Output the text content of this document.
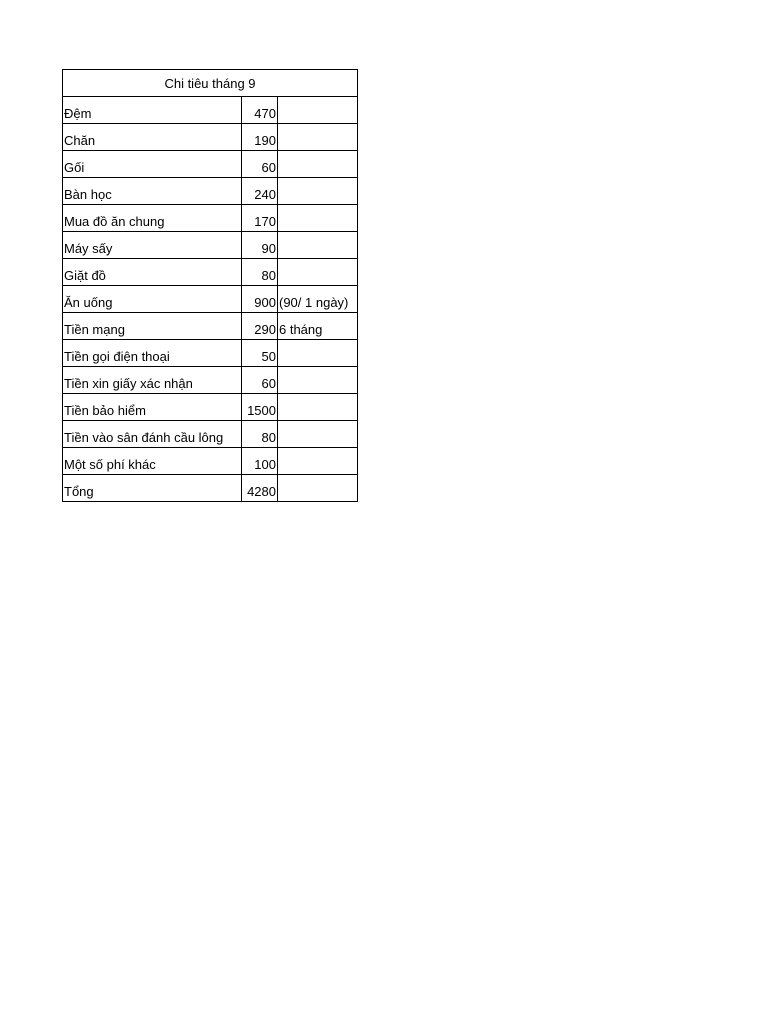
Chi tiêu tháng 9		
Đệm	470	
Chăn	190	
Gối	60	
Bàn học	240	
Mua đồ ăn chung	170	
Máy sấy	90	
Giặt đồ	80	
Ăn uống	900	(90/ 1 ngày)
Tiền mạng	290	6 tháng
Tiền gọi điện thoại	50	
Tiền xin giấy xác nhận	60	
Tiền bảo hiểm	1500	
Tiền vào sân đánh cầu lông	80	
Một số phí khác	100	
Tổng	4280	
